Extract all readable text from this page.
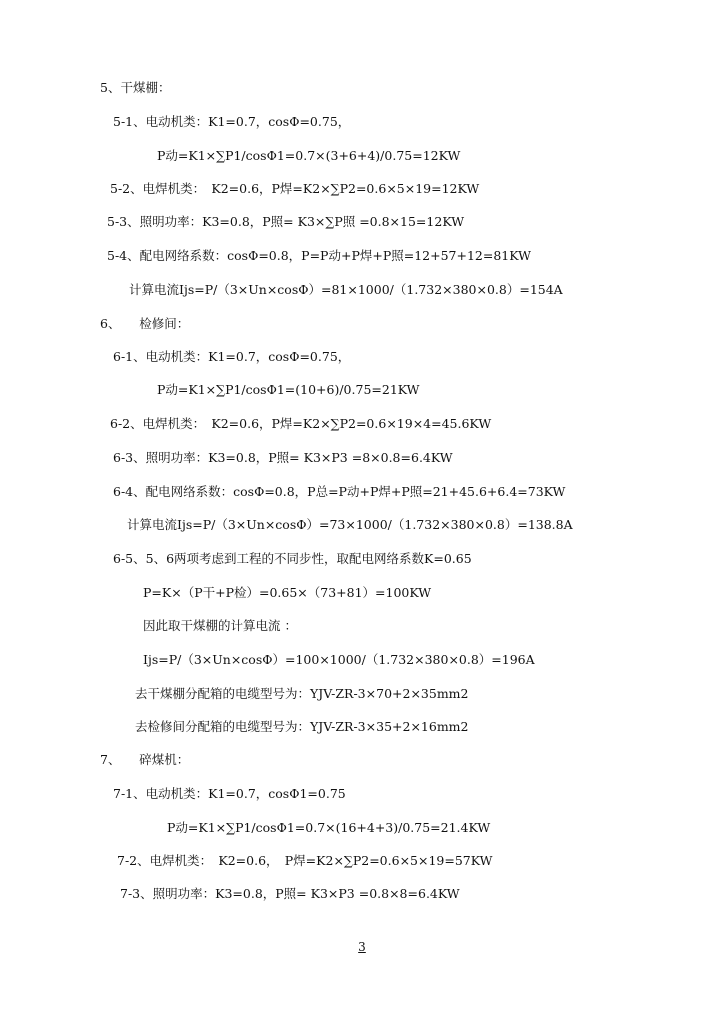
5、干煤棚：
5-1、电动机类：K1=0.7，cosΦ=0.75，
P动=K1×∑P1/cosΦ1=0.7×(3+6+4)/0.75=12KW
5-2、电焊机类：　K2=0.6，P焊=K2×∑P2=0.6×5×19=12KW
5-3、照明功率：K3=0.8，P照= K3×∑P照 =0.8×15=12KW
5-4、配电网络系数：cosΦ=0.8，P=P动+P焊+P照=12+57+12=81KW
计算电流Ijs=P/（3×Un×cosΦ）=81×1000/（1.732×380×0.8）=154A
6、　　检修间：
6-1、电动机类：K1=0.7，cosΦ=0.75，
P动=K1×∑P1/cosΦ1=(10+6)/0.75=21KW
6-2、电焊机类：　K2=0.6，P焊=K2×∑P2=0.6×19×4=45.6KW
6-3、照明功率：K3=0.8，P照= K3×P3 =8×0.8=6.4KW
6-4、配电网络系数：cosΦ=0.8，P总=P动+P焊+P照=21+45.6+6.4=73KW
计算电流Ijs=P/（3×Un×cosΦ）=73×1000/（1.732×380×0.8）=138.8A
6-5、5、6两项考虑到工程的不同步性，取配电网络系数K=0.65
P=K×（P干+P检）=0.65×（73+81）=100KW
因此取干煤棚的计算电流 ：
Ijs=P/（3×Un×cosΦ）=100×1000/（1.732×380×0.8）=196A
去干煤棚分配箱的电缆型号为：YJV-ZR-3×70+2×35mm2
去检修间分配箱的电缆型号为：YJV-ZR-3×35+2×16mm2
7、　　碎煤机：
7-1、电动机类：K1=0.7，cosΦ1=0.75
P动=K1×∑P1/cosΦ1=0.7×(16+4+3)/0.75=21.4KW
7-2、电焊机类：　K2=0.6，　P焊=K2×∑P2=0.6×5×19=57KW
7-3、照明功率：K3=0.8，P照= K3×P3 =0.8×8=6.4KW
3
